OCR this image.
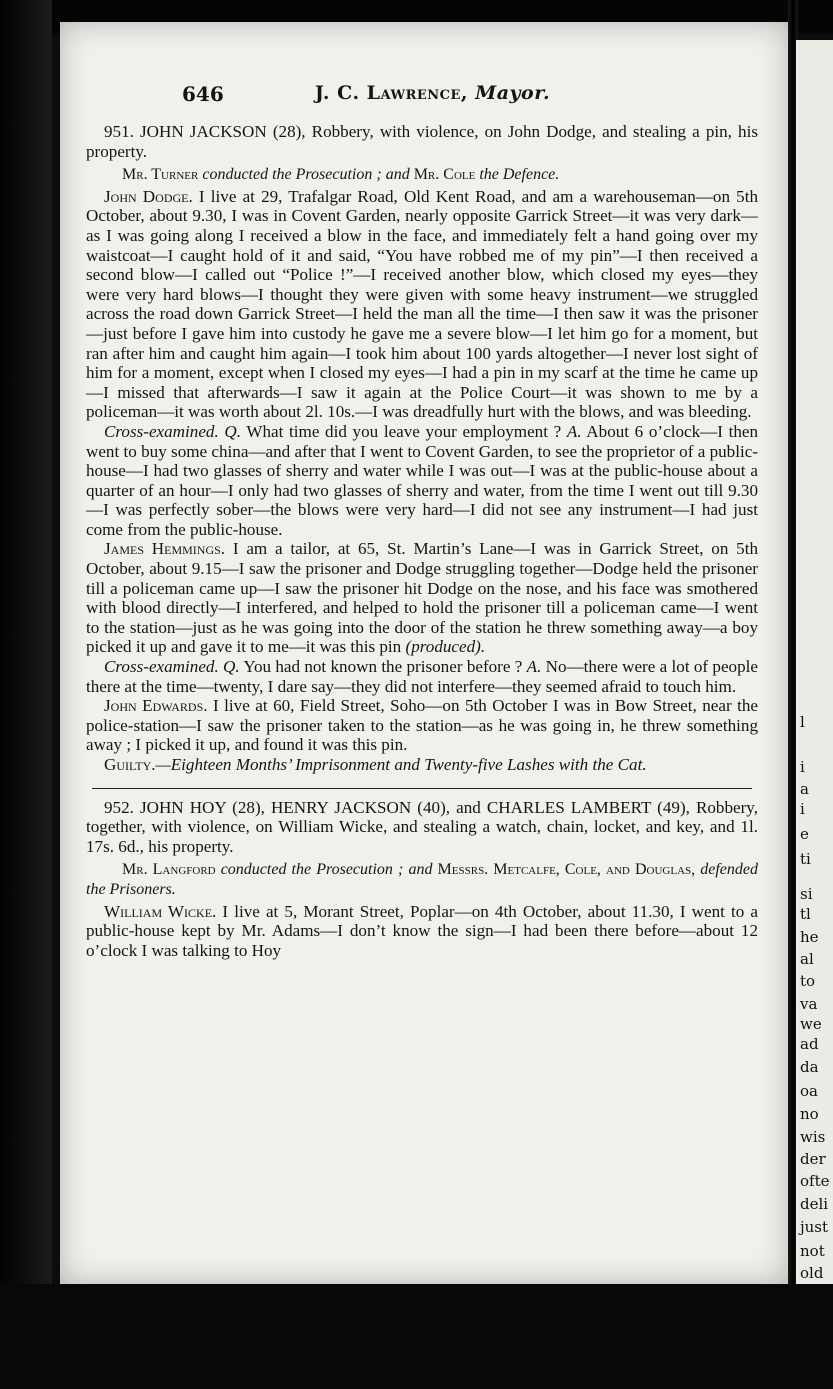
l
i
a
i
e
ti
si
tl
he
al
to
va
we
ad
da
oa
no
wis
der
ofte
deli
just
not
old
646	J. C. Lawrence, Mayor.

951. JOHN JACKSON (28), Robbery, with violence, on John Dodge, and stealing a pin, his property.

Mr. Turner conducted the Prosecution ; and Mr. Cole the Defence.

John Dodge. I live at 29, Trafalgar Road, Old Kent Road, and am a warehouseman—on 5th October, about 9.30, I was in Covent Garden, nearly opposite Garrick Street—it was very dark—as I was going along I received a blow in the face, and immediately felt a hand going over my waistcoat—I caught hold of it and said, “You have robbed me of my pin”—I then received a second blow—I called out “Police !”—I received another blow, which closed my eyes—they were very hard blows—I thought they were given with some heavy instrument—we struggled across the road down Garrick Street—I held the man all the time—I then saw it was the prisoner—just before I gave him into custody he gave me a severe blow—I let him go for a moment, but ran after him and caught him again—I took him about 100 yards altogether—I never lost sight of him for a moment, except when I closed my eyes—I had a pin in my scarf at the time he came up—I missed that afterwards—I saw it again at the Police Court—it was shown to me by a policeman—it was worth about 2l. 10s.—I was dreadfully hurt with the blows, and was bleeding.

Cross-examined. Q. What time did you leave your employment ? A. About 6 o’clock—I then went to buy some china—and after that I went to Covent Garden, to see the proprietor of a public-house—I had two glasses of sherry and water while I was out—I was at the public-house about a quarter of an hour—I only had two glasses of sherry and water, from the time I went out till 9.30—I was perfectly sober—the blows were very hard—I did not see any instrument—I had just come from the public-house.

James Hemmings. I am a tailor, at 65, St. Martin’s Lane—I was in Garrick Street, on 5th October, about 9.15—I saw the prisoner and Dodge struggling together—Dodge held the prisoner till a policeman came up—I saw the prisoner hit Dodge on the nose, and his face was smothered with blood directly—I interfered, and helped to hold the prisoner till a policeman came—I went to the station—just as he was going into the door of the station he threw something away—a boy picked it up and gave it to me—it was this pin (produced).

Cross-examined. Q. You had not known the prisoner before ? A. No—there were a lot of people there at the time—twenty, I dare say—they did not interfere—they seemed afraid to touch him.

John Edwards. I live at 60, Field Street, Soho—on 5th October I was in Bow Street, near the police-station—I saw the prisoner taken to the station—as he was going in, he threw something away ; I picked it up, and found it was this pin.

Guilty.—Eighteen Months’ Imprisonment and Twenty-five Lashes with the Cat.

952. JOHN HOY (28), HENRY JACKSON (40), and CHARLES LAMBERT (49), Robbery, together, with violence, on William Wicke, and stealing a watch, chain, locket, and key, and 1l. 17s. 6d., his property.

Mr. Langford conducted the Prosecution ; and Messrs. Metcalfe, Cole, and Douglas, defended the Prisoners.

William Wicke. I live at 5, Morant Street, Poplar—on 4th October, about 11.30, I went to a public-house kept by Mr. Adams—I don’t know the sign—I had been there before—about 12 o’clock I was talking to Hoy
